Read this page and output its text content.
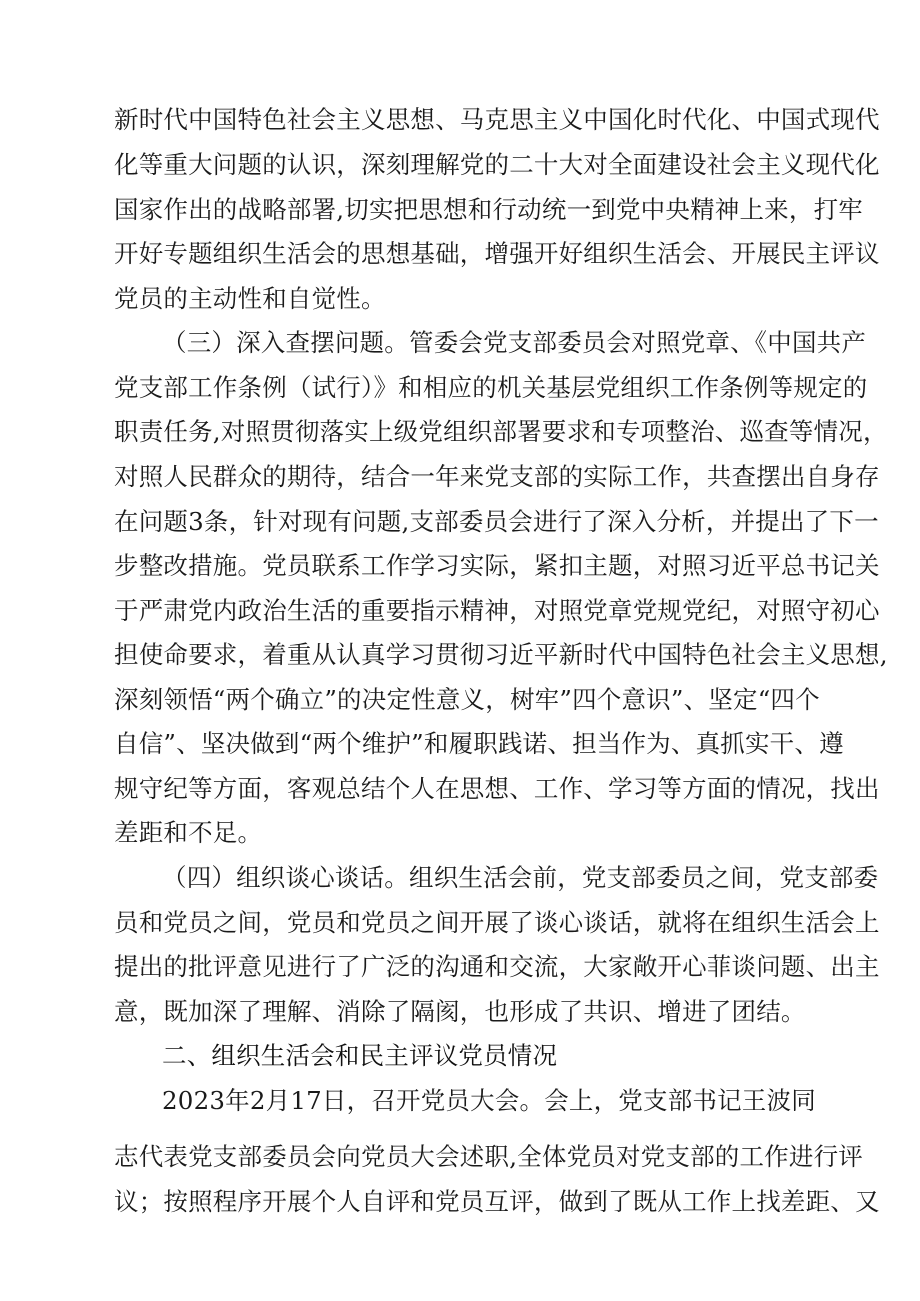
新时代中国特色社会主义思想、马克思主义中国化时代化、中国式现代
化等重大问题的认识，深刻理解党的二十大对全面建设社会主义现代化
国家作出的战略部署,切实把思想和行动统一到党中央精神上来，打牢
开好专题组织生活会的思想基础，增强开好组织生活会、开展民主评议
党员的主动性和自觉性。
（三）深入查摆问题。管委会党支部委员会对照党章、《中国共产
党支部工作条例（试行）》和相应的机关基层党组织工作条例等规定的
职责任务,对照贯彻落实上级党组织部署要求和专项整治、巡查等情况，
对照人民群众的期待，结合一年来党支部的实际工作，共查摆出自身存
在问题3条，针对现有问题,支部委员会进行了深入分析，并提出了下一
步整改措施。党员联系工作学习实际，紧扣主题，对照习近平总书记关
于严肃党内政治生活的重要指示精神，对照党章党规党纪，对照守初心
担使命要求，着重从认真学习贯彻习近平新时代中国特色社会主义思想,
深刻领悟“两个确立”的决定性意义，树牢”四个意识”、坚定“四个
自信”、坚决做到“两个维护”和履职践诺、担当作为、真抓实干、遵
规守纪等方面，客观总结个人在思想、工作、学习等方面的情况，找出
差距和不足。
（四）组织谈心谈话。组织生活会前，党支部委员之间，党支部委
员和党员之间，党员和党员之间开展了谈心谈话，就将在组织生活会上
提出的批评意见进行了广泛的沟通和交流，大家敞开心菲谈问题、出主
意，既加深了理解、消除了隔阂，也形成了共识、增进了团结。
二、组织生活会和民主评议党员情况
2023年2月17日，召开党员大会。会上，党支部书记王波同
志代表党支部委员会向党员大会述职,全体党员对党支部的工作进行评
议；按照程序开展个人自评和党员互评，做到了既从工作上找差距、又
